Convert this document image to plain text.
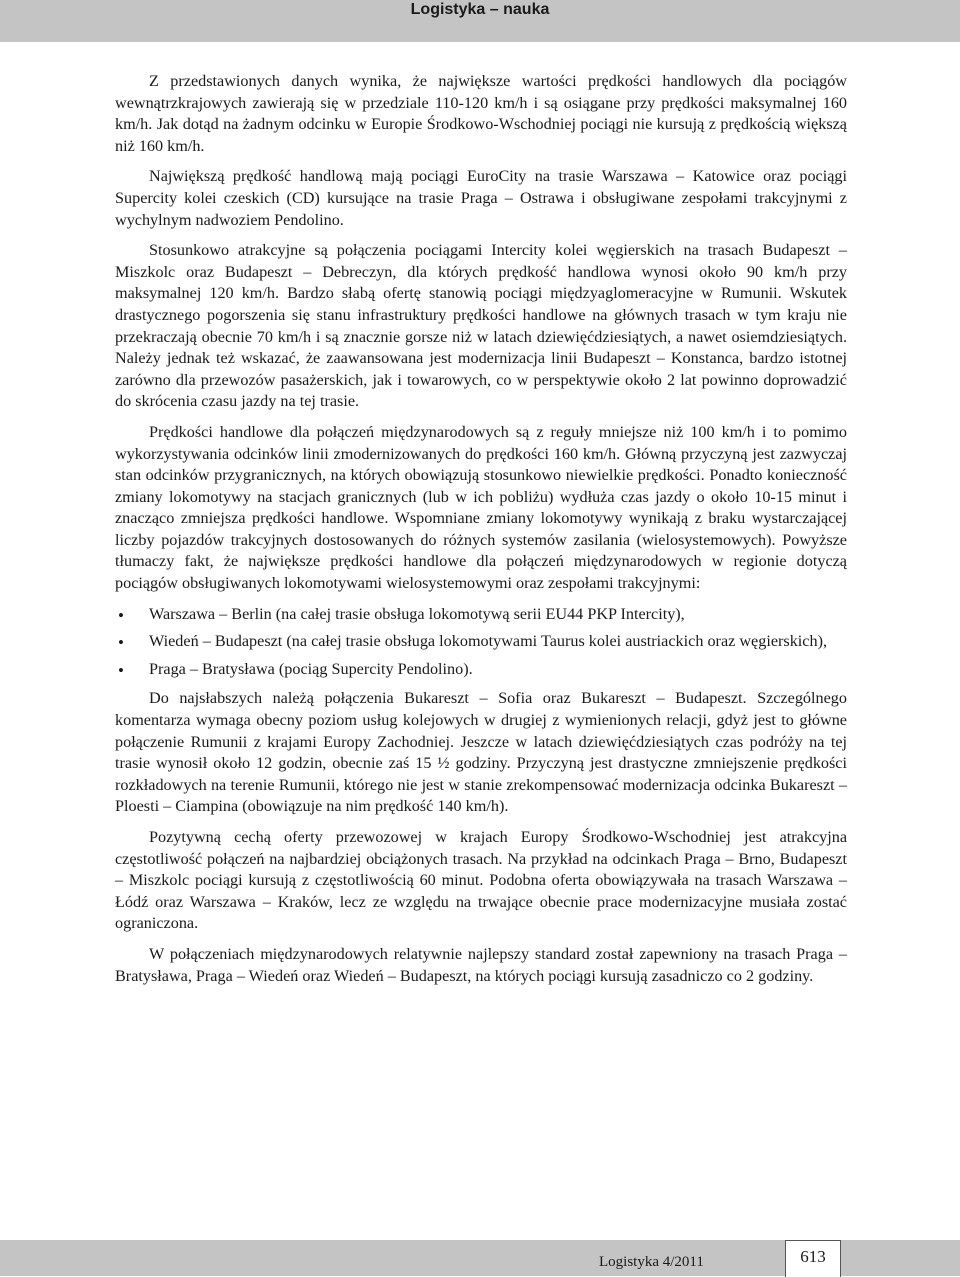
Logistyka – nauka

Z przedstawionych danych wynika, że największe wartości prędkości handlowych dla pociągów wewnątrzkrajowych zawierają się w przedziale 110-120 km/h i są osiągane przy prędkości maksymalnej 160 km/h. Jak dotąd na żadnym odcinku w Europie Środkowo-Wschodniej pociągi nie kursują z prędkością większą niż 160 km/h.

Największą prędkość handlową mają pociągi EuroCity na trasie Warszawa – Katowice oraz pociągi Supercity kolei czeskich (CD) kursujące na trasie Praga – Ostrawa i obsługiwane zespołami trakcyjnymi z wychylnym nadwoziem Pendolino.

Stosunkowo atrakcyjne są połączenia pociągami Intercity kolei węgierskich na trasach Budapeszt – Miszkolc oraz Budapeszt – Debreczyn, dla których prędkość handlowa wynosi około 90 km/h przy maksymalnej 120 km/h. Bardzo słabą ofertę stanowią pociągi międzyaglomeracyjne w Rumunii. Wskutek drastycznego pogorszenia się stanu infrastruktury prędkości handlowe na głównych trasach w tym kraju nie przekraczają obecnie 70 km/h i są znacznie gorsze niż w latach dziewięćdziesiątych, a nawet osiemdziesiątych. Należy jednak też wskazać, że zaawansowana jest modernizacja linii Budapeszt – Konstanca, bardzo istotnej zarówno dla przewozów pasażerskich, jak i towarowych, co w perspektywie około 2 lat powinno doprowadzić do skrócenia czasu jazdy na tej trasie.

Prędkości handlowe dla połączeń międzynarodowych są z reguły mniejsze niż 100 km/h i to pomimo wykorzystywania odcinków linii zmodernizowanych do prędkości 160 km/h. Główną przyczyną jest zazwyczaj stan odcinków przygranicznych, na których obowiązują stosunkowo niewielkie prędkości. Ponadto konieczność zmiany lokomotywy na stacjach granicznych (lub w ich pobliżu) wydłuża czas jazdy o około 10-15 minut i znacząco zmniejsza prędkości handlowe. Wspomniane zmiany lokomotywy wynikają z braku wystarczającej liczby pojazdów trakcyjnych dostosowanych do różnych systemów zasilania (wielosystemowych). Powyższe tłumaczy fakt, że największe prędkości handlowe dla połączeń międzynarodowych w regionie dotyczą pociągów obsługiwanych lokomotywami wielosystemowymi oraz zespołami trakcyjnymi:

• Warszawa – Berlin (na całej trasie obsługa lokomotywą serii EU44 PKP Intercity),
• Wiedeń – Budapeszt (na całej trasie obsługa lokomotywami Taurus kolei austriackich oraz węgierskich),
• Praga – Bratysława (pociąg Supercity Pendolino).

Do najsłabszych należą połączenia Bukareszt – Sofia oraz Bukareszt – Budapeszt. Szczególnego komentarza wymaga obecny poziom usług kolejowych w drugiej z wymienionych relacji, gdyż jest to główne połączenie Rumunii z krajami Europy Zachodniej. Jeszcze w latach dziewięćdziesiątych czas podróży na tej trasie wynosił około 12 godzin, obecnie zaś 15 ½ godziny. Przyczyną jest drastyczne zmniejszenie prędkości rozkładowych na terenie Rumunii, którego nie jest w stanie zrekompensować modernizacja odcinka Bukareszt – Ploesti – Ciampina (obowiązuje na nim prędkość 140 km/h).

Pozytywną cechą oferty przewozowej w krajach Europy Środkowo-Wschodniej jest atrakcyjna częstotliwość połączeń na najbardziej obciążonych trasach. Na przykład na odcinkach Praga – Brno, Budapeszt – Miszkolc pociągi kursują z częstotliwością 60 minut. Podobna oferta obowiązywała na trasach Warszawa – Łódź oraz Warszawa – Kraków, lecz ze względu na trwające obecnie prace modernizacyjne musiała zostać ograniczona.

W połączeniach międzynarodowych relatywnie najlepszy standard został zapewniony na trasach Praga – Bratysława, Praga – Wiedeń oraz Wiedeń – Budapeszt, na których pociągi kursują zasadniczo co 2 godziny.

Logistyka 4/2011	613
